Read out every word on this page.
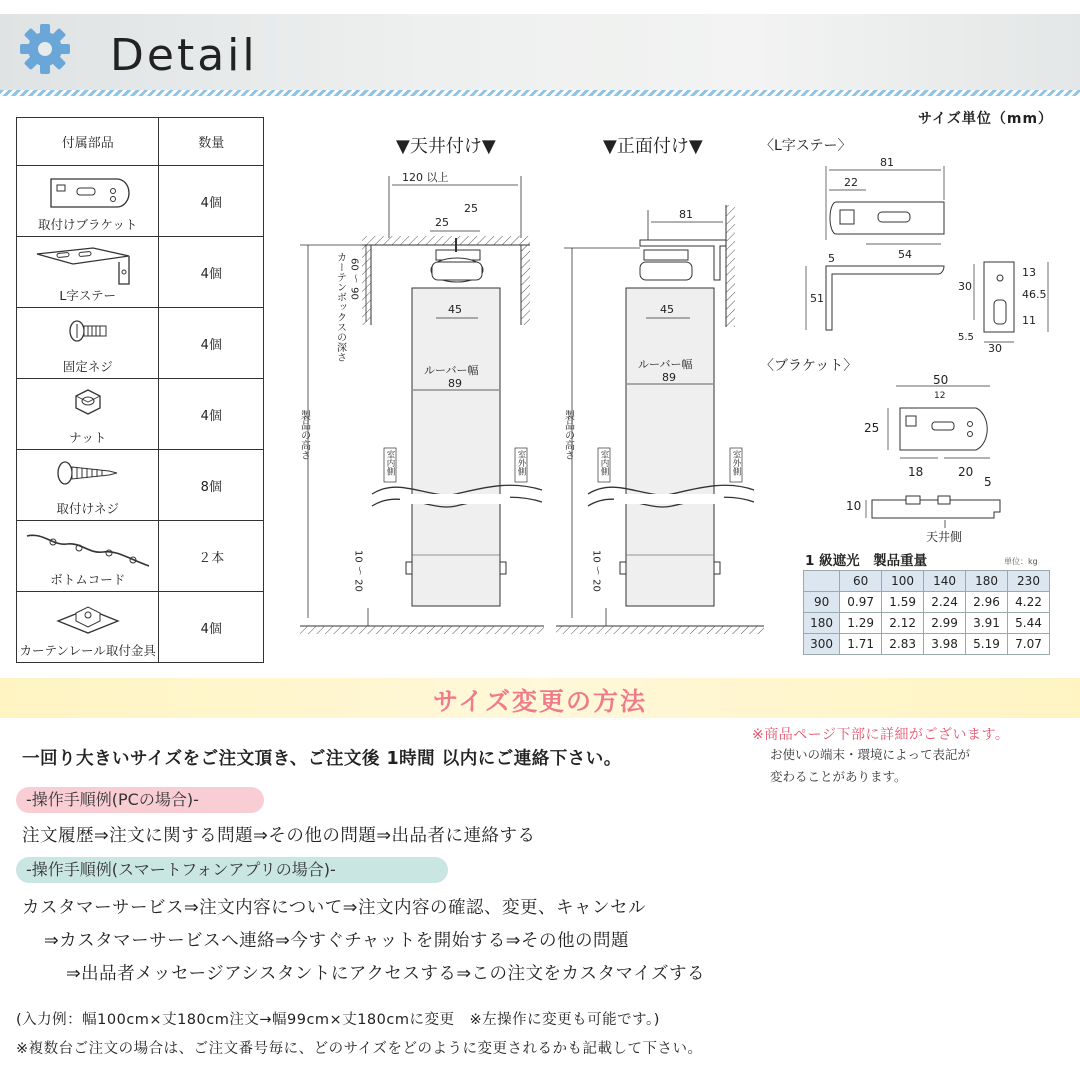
Detail
サイズ単位（mm）
付属部品	数量

取付けブラケット	4個

L字ステー	4個

固定ネジ	4個

ナット	4個

取付けネジ	8個

ボトムコード	２本

カーテンレール取付金具	4個
▼天井付け▼
120 以上
25
25
45
ルーバー幅
89
室内側	室外側
製品の高さ
カーテンボックスの深さ 60 ～ 90
10 ～ 20
▼正面付け▼
81
45
ルーバー幅
89
室内側	室外側
製品の高さ
10 ～ 20
〈L字ステー〉
81
22
54
5
51
30
13
46.5
11
5.5
30
〈ブラケット〉
50
12
25
18	20
10
5
天井側
1 級遮光　製品重量	単位：kg
	60	100	140	180	230
90	0.97	1.59	2.24	2.96	4.22
180	1.29	2.12	2.99	3.91	5.44
300	1.71	2.83	3.98	5.19	7.07
サイズ変更の方法
※商品ページ下部に詳細がございます。
お使いの端末・環境によって表記が
変わることがあります。
一回り大きいサイズをご注文頂き、ご注文後 1時間 以内にご連絡下さい。
-操作手順例(PCの場合)-
注文履歴⇒注文に関する問題⇒その他の問題⇒出品者に連絡する
-操作手順例(スマートフォンアプリの場合)-
カスタマーサービス⇒注文内容について⇒注文内容の確認、変更、キャンセル
⇒カスタマーサービスへ連絡⇒今すぐチャットを開始する⇒その他の問題
⇒出品者メッセージアシスタントにアクセスする⇒この注文をカスタマイズする
(入力例：幅100cm×丈180cm注文→幅99cm×丈180cmに変更　※左操作に変更も可能です。)
※複数台ご注文の場合は、ご注文番号毎に、どのサイズをどのように変更されるかも記載して下さい。
